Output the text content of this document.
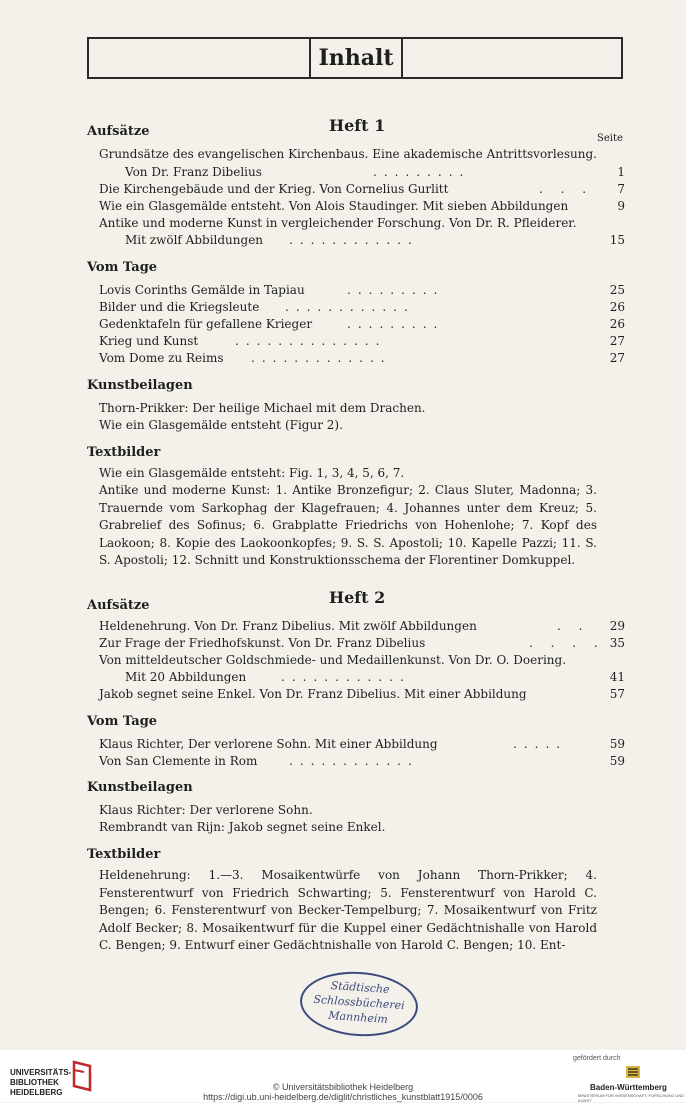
Inhalt
Heft 1
Aufsätze	Seite
Grundsätze des evangelischen Kirchenbaus. Eine akademische Antrittsvorlesung.
Von Dr. Franz Dibelius	.........	1
Die Kirchengebäude und der Krieg. Von Cornelius Gurlitt	. . . 7
Wie ein Glasgemälde entsteht. Von Alois Staudinger. Mit sieben Abbildungen	9
Antike und moderne Kunst in vergleichender Forschung. Von Dr. R. Pfleiderer.
Mit zwölf Abbildungen ............	15
Vom Tage
Lovis Corinths Gemälde in Tapiau	.........	25
Bilder und die Kriegsleute ............	26
Gedenktafeln für gefallene Krieger	.........	26
Krieg und Kunst	..............	27
Vom Dome zu Reims .............	27
Kunstbeilagen
Thorn-Prikker: Der heilige Michael mit dem Drachen.
Wie ein Glasgemälde entsteht (Figur 2).
Textbilder
Wie ein Glasgemälde entsteht: Fig. 1, 3, 4, 5, 6, 7.
Antike und moderne Kunst: 1. Antike Bronzefigur; 2. Claus Sluter, Madonna; 3. Trauernde vom Sarkophag der Klagefrauen; 4. Johannes unter dem Kreuz; 5. Grabrelief des Sofinus; 6. Grabplatte Friedrichs von Hohenlohe; 7. Kopf des Laokoon; 8. Kopie des Laokoonkopfes; 9. S. S. Apostoli; 10. Kapelle Pazzi; 11. S. S. Apostoli; 12. Schnitt und Konstruktionsschema der Florentiner Domkuppel.
Heft 2
Aufsätze
Heldenehrung. Von Dr. Franz Dibelius. Mit zwölf Abbildungen	. . 29
Zur Frage der Friedhofskunst. Von Dr. Franz Dibelius	. . . . 35
Von mitteldeutscher Goldschmiede- und Medaillenkunst. Von Dr. O. Doering.
Mit 20 Abbildungen	............	41
Jakob segnet seine Enkel. Von Dr. Franz Dibelius. Mit einer Abbildung	57
Vom Tage
Klaus Richter, Der verlorene Sohn. Mit einer Abbildung	.....	59
Von San Clemente in Rom	............	59
Kunstbeilagen
Klaus Richter: Der verlorene Sohn.
Rembrandt van Rijn: Jakob segnet seine Enkel.
Textbilder
Heldenehrung: 1.—3. Mosaikentwürfe von Johann Thorn-Prikker; 4. Fensterentwurf von Friedrich Schwarting; 5. Fensterentwurf von Harold C. Bengen; 6. Fensterentwurf von Becker-Tempelburg; 7. Mosaikentwurf von Fritz Adolf Becker; 8. Mosaikentwurf für die Kuppel einer Gedächtnishalle von Harold C. Bengen; 9. Entwurf einer Gedächtnishalle von Harold C. Bengen; 10. Ent-
Städtische
Schlossbücherei
Mannheim
UNIVERSITÄTS-
BIBLIOTHEK
HEIDELBERG
© Universitätsbibliothek Heidelberg
https://digi.ub.uni-heidelberg.de/diglit/christliches_kunstblatt1915/0006
gefördert durch
Baden-Württemberg
MINISTERIUM FÜR WISSENSCHAFT, FORSCHUNG UND KUNST
